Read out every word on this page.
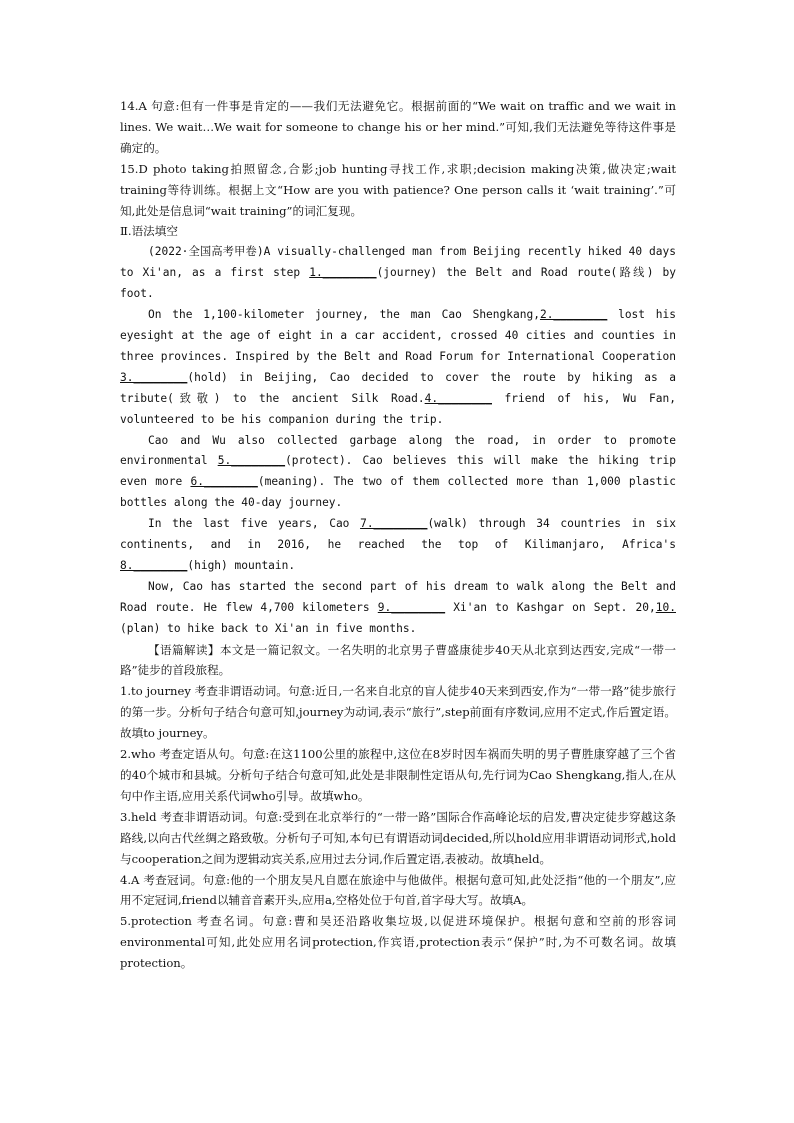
14.A 句意:但有一件事是肯定的——我们无法避免它。根据前面的“We wait on traffic and we wait in lines. We wait…We wait for someone to change his or her mind.”可知,我们无法避免等待这件事是确定的。

15.D photo taking拍照留念,合影;job hunting寻找工作,求职;decision making决策,做决定;wait training等待训练。根据上文“How are you with patience? One person calls it ‘wait training’.”可知,此处是信息词“wait training”的词汇复现。

Ⅱ.语法填空

(2022·全国高考甲卷)A visually-challenged man from Beijing recently hiked 40 days to Xi'an, as a first step 1.________(journey) the Belt and Road route(路线) by foot.

On the 1,100-kilometer journey, the man Cao Shengkang,2.________ lost his eyesight at the age of eight in a car accident, crossed 40 cities and counties in three provinces. Inspired by the Belt and Road Forum for International Cooperation 3.________(hold) in Beijing, Cao decided to cover the route by hiking as a tribute(致敬) to the ancient Silk Road.4.________ friend of his, Wu Fan, volunteered to be his companion during the trip.

Cao and Wu also collected garbage along the road, in order to promote environmental 5.________(protect). Cao believes this will make the hiking trip even more 6.________(meaning). The two of them collected more than 1,000 plastic bottles along the 40-day journey.

In the last five years, Cao 7.________(walk) through 34 countries in six continents, and in 2016, he reached the top of Kilimanjaro, Africa's 8.________(high) mountain.

Now, Cao has started the second part of his dream to walk along the Belt and Road route. He flew 4,700 kilometers 9.________ Xi'an to Kashgar on Sept. 20,10.(plan) to hike back to Xi'an in five months.

【语篇解读】本文是一篇记叙文。一名失明的北京男子曹盛康徒步40天从北京到达西安,完成“一带一路”徒步的首段旅程。

1.to journey 考查非谓语动词。句意:近日,一名来自北京的盲人徒步40天来到西安,作为“一带一路”徒步旅行的第一步。分析句子结合句意可知,journey为动词,表示“旅行”,step前面有序数词,应用不定式,作后置定语。故填to journey。

2.who 考查定语从句。句意:在这1100公里的旅程中,这位在8岁时因车祸而失明的男子曹胜康穿越了三个省的40个城市和县城。分析句子结合句意可知,此处是非限制性定语从句,先行词为Cao Shengkang,指人,在从句中作主语,应用关系代词who引导。故填who。

3.held 考查非谓语动词。句意:受到在北京举行的“一带一路”国际合作高峰论坛的启发,曹决定徒步穿越这条路线,以向古代丝绸之路致敬。分析句子可知,本句已有谓语动词decided,所以hold应用非谓语动词形式,hold与cooperation之间为逻辑动宾关系,应用过去分词,作后置定语,表被动。故填held。

4.A 考查冠词。句意:他的一个朋友吴凡自愿在旅途中与他做伴。根据句意可知,此处泛指“他的一个朋友”,应用不定冠词,friend以辅音音素开头,应用a,空格处位于句首,首字母大写。故填A。

5.protection 考查名词。句意:曹和吴还沿路收集垃圾,以促进环境保护。根据句意和空前的形容词environmental可知,此处应用名词protection,作宾语,protection表示“保护”时,为不可数名词。故填protection。
